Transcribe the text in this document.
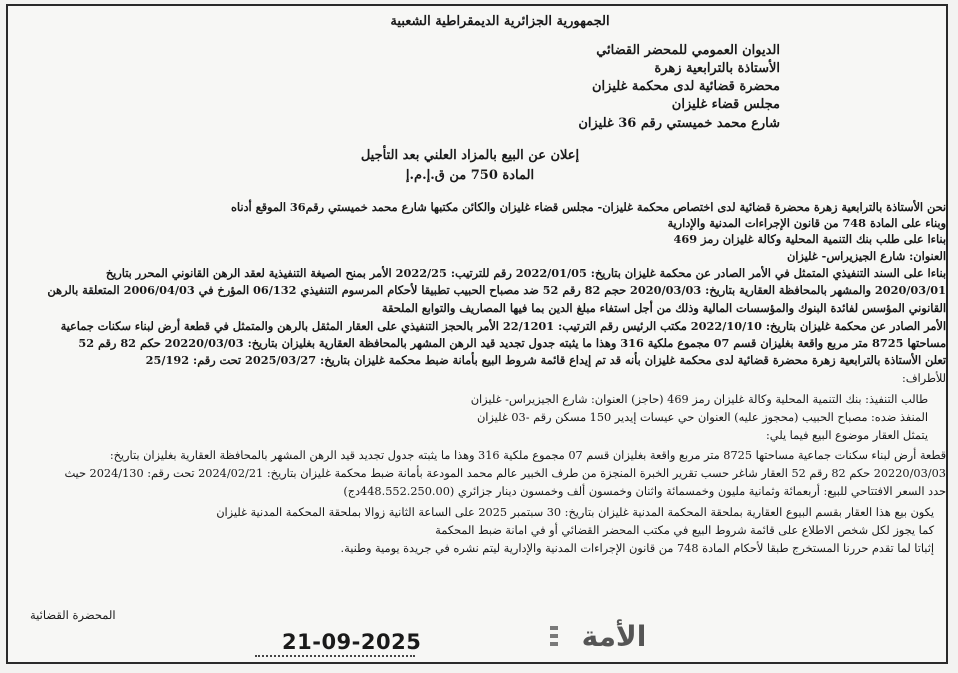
الجمهورية الجزائرية الديمقراطية الشعبية
الديوان العمومي للمحضر القضائي
الأستاذة بالترابعية زهرة
محضرة قضائية لدى محكمة غليزان
مجلس قضاء غليزان
شارع محمد خميستي رقم 36 غليزان
إعلان عن البيع بالمزاد العلني بعد التأجيل
المادة 750 من ق.إ.م.إ
نحن الأستاذة بالترابعية زهرة محضرة قضائية لدى اختصاص محكمة غليزان- مجلس قضاء غليزان والكائن مكتبها شارع محمد خميستي رقم36 الموقع أدناه
وبناء على المادة 748 من قانون الإجراءات المدنية والإدارية
بناءا على طلب بنك التنمية المحلية وكالة غليزان رمز 469
العنوان: شارع الجيزيراس- غليزان
بناءا على السند التنفيذي المتمثل في الأمر الصادر عن محكمة غليزان بتاريخ: 2022/01/05 رقم للترتيب: 2022/25 الأمر بمنح الصيغة التنفيذية لعقد الرهن القانوني المحرر بتاريخ
2020/03/01 والمشهر بالمحافظة العقارية بتاريخ: 2020/03/03 حجم 82 رقم 52 ضد مصباح الحبيب تطبيقا لأحكام المرسوم التنفيذي 06/132 المؤرخ في 2006/04/03 المتعلقة بالرهن
القانوني المؤسس لفائدة البنوك والمؤسسات المالية وذلك من أجل استفاء مبلغ الدين بما فيها المصاريف والتوابع الملحقة
الأمر الصادر عن محكمة غليزان بتاريخ: 2022/10/10 مكتب الرئيس رقم الترتيب: 22/1201 الأمر بالحجز التنفيذي على العقار المثقل بالرهن والمتمثل في قطعة أرض لبناء سكنات جماعية
مساحتها 8725 متر مربع واقعة بغليزان قسم 07 مجموع ملكية 316 وهذا ما يثبته جدول تجديد قيد الرهن المشهر بالمحافظة العقارية بغليزان بتاريخ: 20220/03/03 حكم 82 رقم 52
تعلن الأستاذة بالترابعية زهرة محضرة قضائية لدى محكمة غليزان بأنه قد تم إيداع قائمة شروط البيع بأمانة ضبط محكمة غليزان بتاريخ: 2025/03/27 تحت رقم: 25/192
للأطراف:
طالب التنفيذ: بنك التنمية المحلية وكالة غليزان رمز 469 (حاجز) العنوان: شارع الجيزيراس- غليزان
المنفذ ضده: مصباح الحبيب (محجوز عليه) العنوان حي عيسات إيدير 150 مسكن رقم -03 غليزان
يتمثل العقار موضوع البيع فيما يلي:
قطعة أرض لبناء سكنات جماعية مساحتها 8725 متر مربع واقعة بغليزان قسم 07 مجموع ملكية 316 وهذا ما يثبته جدول تجديد قيد الرهن المشهر بالمحافظة العقارية بغليزان بتاريخ:
20220/03/03 حكم 82 رقم 52 العقار شاغر حسب تقرير الخبرة المنجزة من طرف الخبير عالم محمد المودعة بأمانة ضبط محكمة غليزان بتاريخ: 2024/02/21 تحت رقم: 2024/130 حيث
حدد السعر الافتتاحي للبيع: أربعمائة وثمانية مليون وخمسمائة واثنان وخمسون ألف وخمسون دينار جزائري (448.552.250.00دج)
يكون بيع هذا العقار بقسم البيوع العقارية بملحقة المحكمة المدنية غليزان بتاريخ: 30 سبتمبر 2025 على الساعة الثانية زوالا بملحقة المحكمة المدنية غليزان
كما يجوز لكل شخص الاطلاع على قائمة شروط البيع في مكتب المحضر القضائي أو في امانة ضبط المحكمة
إثباتا لما تقدم حررنا المستخرج طبقا لأحكام المادة 748 من قانون الإجراءات المدنية والإدارية ليتم نشره في جريدة يومية وطنية.
المحضرة القضائية
الأمة
21-09-2025
